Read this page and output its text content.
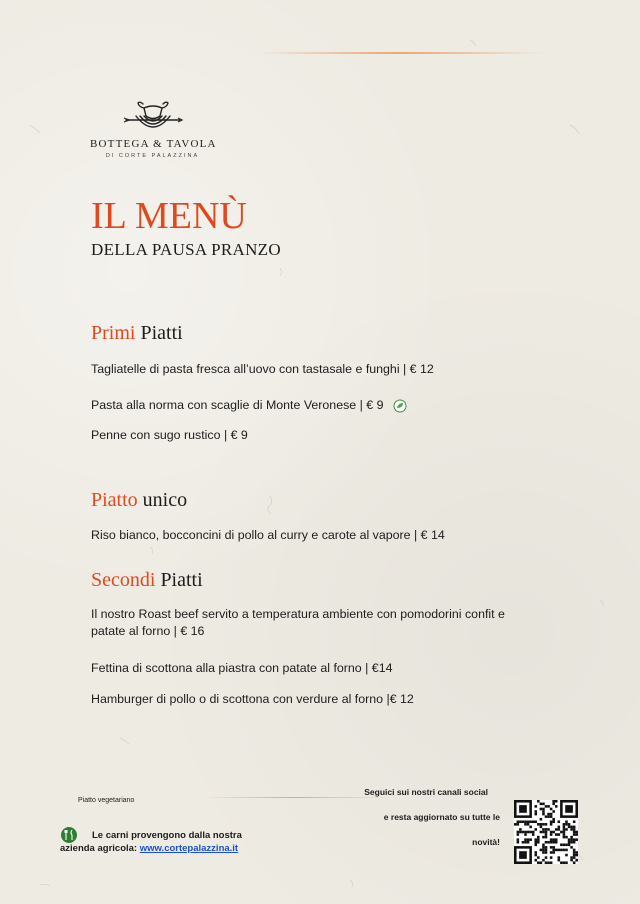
BOTTEGA & TAVOLA
DI CORTE PALAZZINA
IL MENÙ
DELLA PAUSA PRANZO
Primi Piatti
Tagliatelle di pasta fresca all’uovo con tastasale e funghi | € 12
Pasta alla norma con scaglie di Monte Veronese | € 9
Penne con sugo rustico | € 9
Piatto unico
Riso bianco, bocconcini di pollo al curry e carote al vapore | € 14
Secondi Piatti
Il nostro Roast beef servito a temperatura ambiente con pomodorini confit e patate al forno | € 16
Fettina di scottona alla piastra con patate al forno | €14
Hamburger di pollo o di scottona con verdure al forno |€ 12
Piatto vegetariano
Le carni provengono dalla nostra
azienda agricola: www.cortepalazzina.it
Seguici sui nostri canali social
e resta aggiornato su tutte le
novità!
